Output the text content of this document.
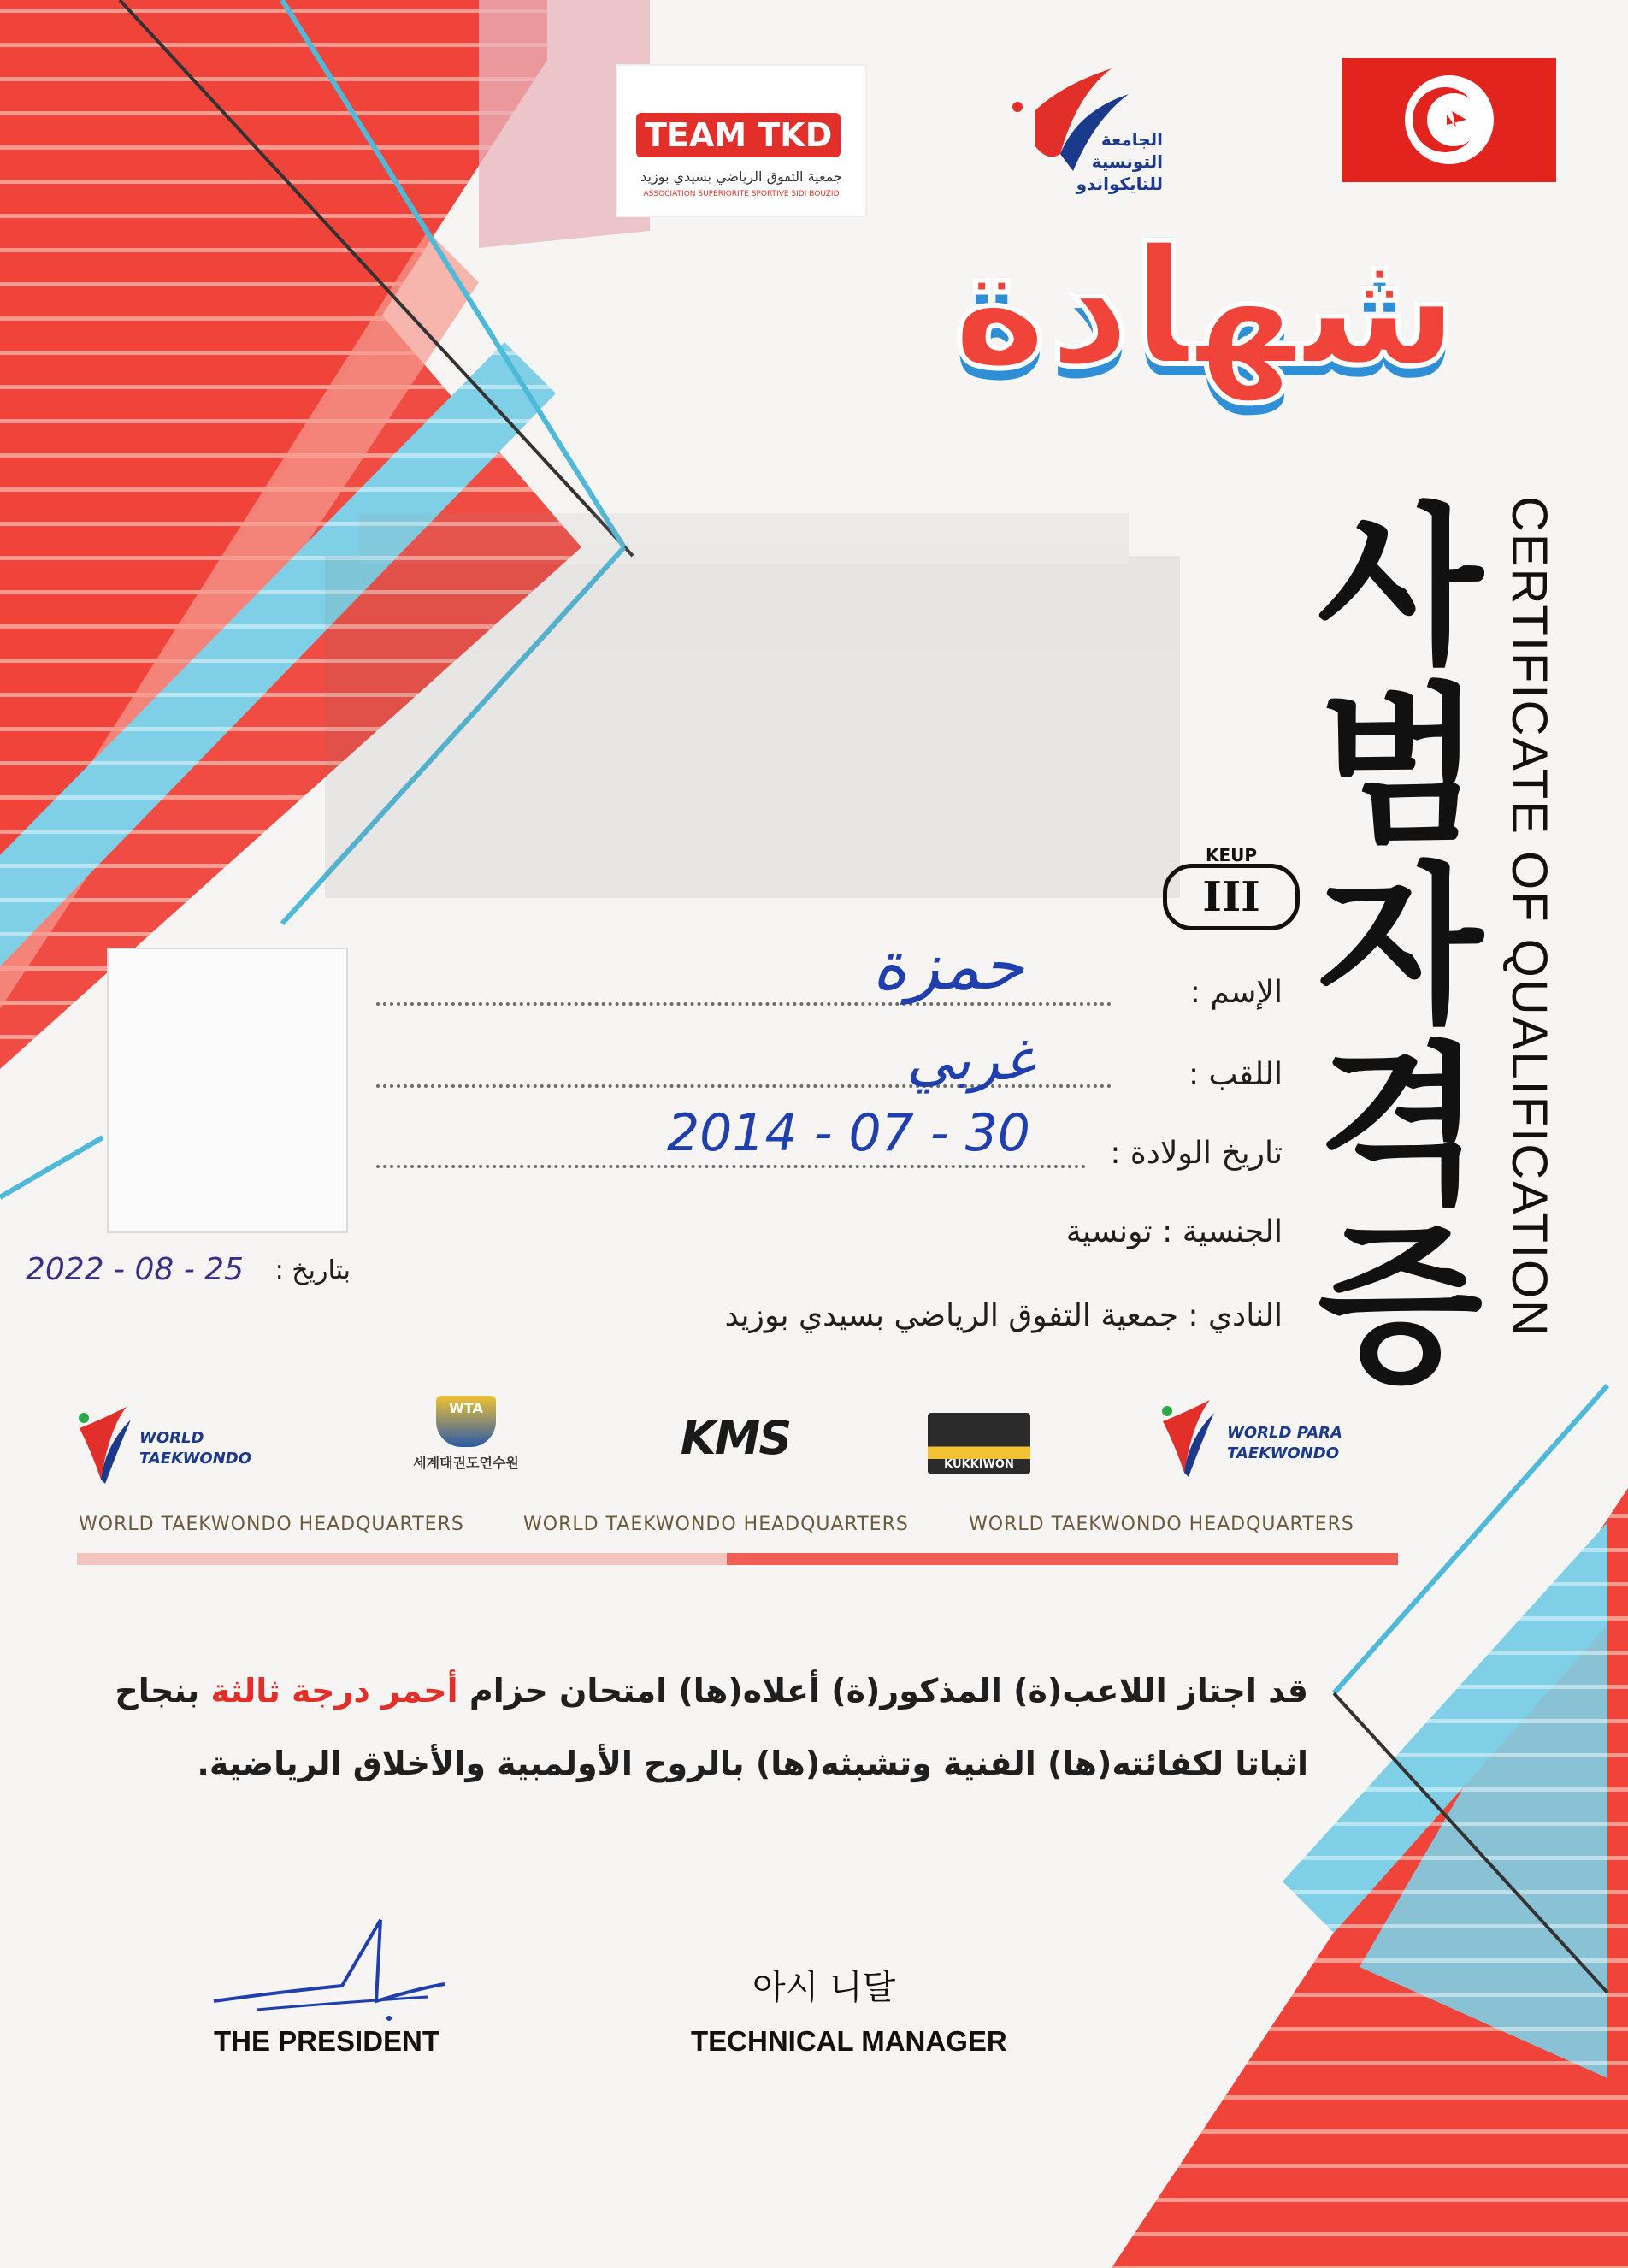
TEAM TKD
جمعية التفوق الرياضي بسيدي بوزيد
ASSOCIATION SUPERIORITE SPORTIVE SIDI BOUZID
الجامعة التونسية للتايكواندو
شهادة
사범자격증 CERTIFICATE OF QUALIFICATION
KEUP
III
الإسم :
حمزة
اللقب :
غربي
تاريخ الولادة :
2014 - 07 - 30
الجنسية : تونسية
بتاريخ :
2022 - 08 - 25
النادي : جمعية التفوق الرياضي بسيدي بوزيد
WORLD TAEKWONDO
WTA
세계태권도연수원	KMS	KUKKIWON
WORLD PARA TAEKWONDO
WORLD TAEKWONDO HEADQUARTERS	WORLD TAEKWONDO HEADQUARTERS	WORLD TAEKWONDO HEADQUARTERS
قد اجتاز اللاعب(ة) المذكور(ة) أعلاه(ها) امتحان حزام أحمر درجة ثالثة بنجاح
اثباتا لكفائته(ها) الفنية وتشبثه(ها) بالروح الأولمبية والأخلاق الرياضية.
THE PRESIDENT
아시 니달
TECHNICAL MANAGER
